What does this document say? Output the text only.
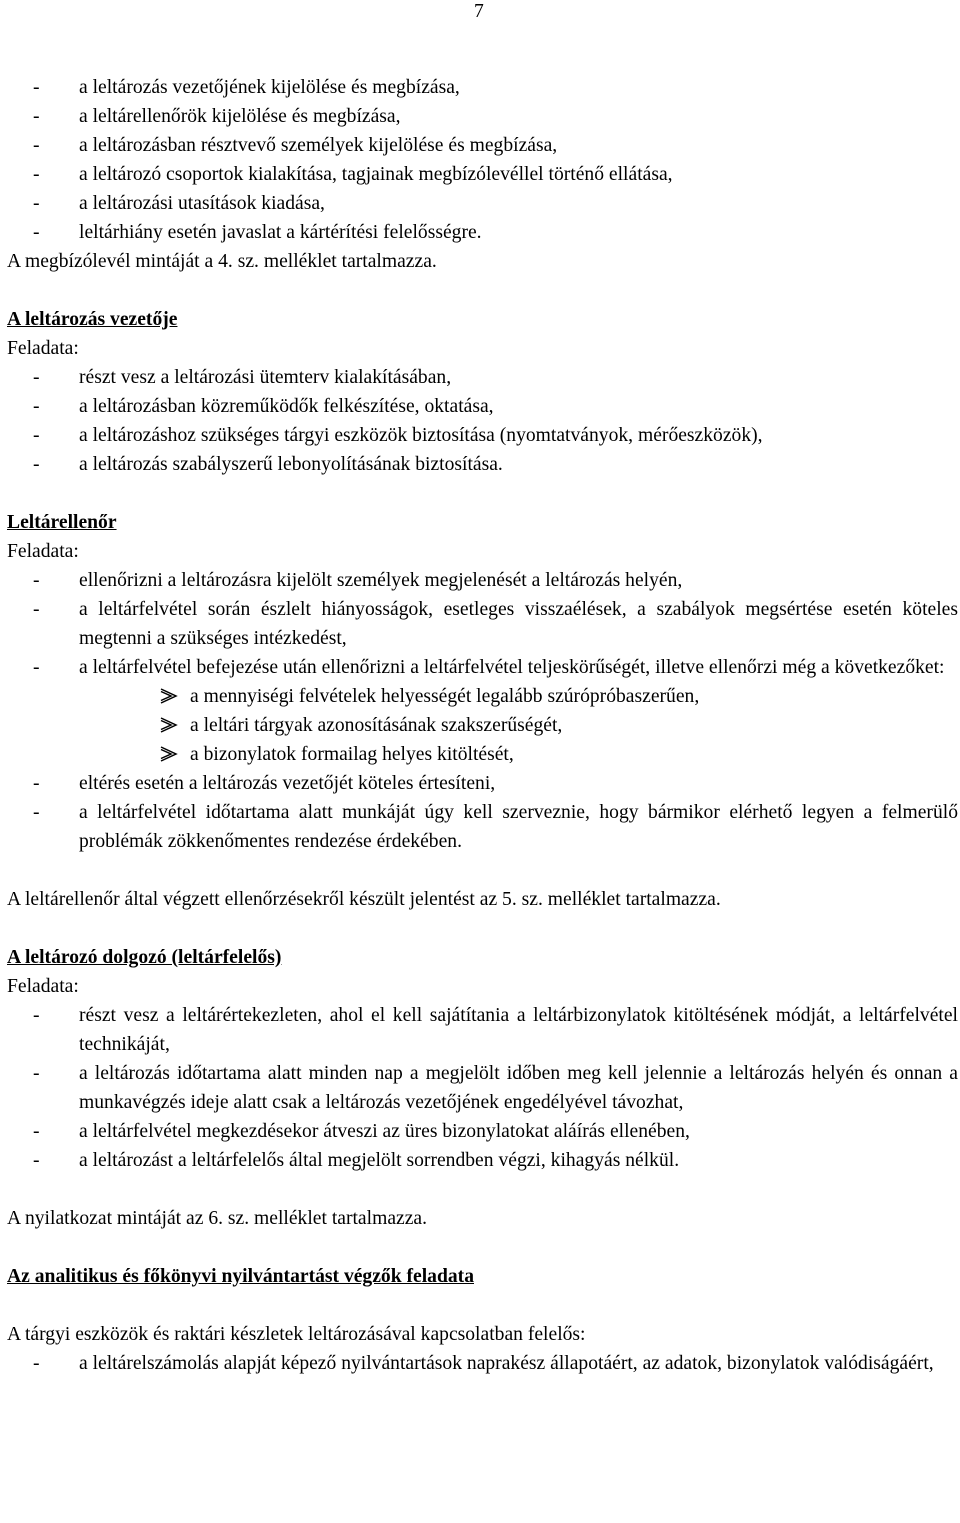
7
- a leltározás vezetőjének kijelölése és megbízása,
- a leltárellenőrök kijelölése és megbízása,
- a leltározásban résztvevő személyek kijelölése és megbízása,
- a leltározó csoportok kialakítása, tagjainak megbízólevéllel történő ellátása,
- a leltározási utasítások kiadása,
- leltárhiány esetén javaslat a kártérítési felelősségre.

A megbízólevél mintáját a 4. sz. melléklet tartalmazza.

A leltározás vezetője

Feladata:

- részt vesz a leltározási ütemterv kialakításában,
- a leltározásban közreműködők felkészítése, oktatása,
- a leltározáshoz szükséges tárgyi eszközök biztosítása (nyomtatványok, mérőeszközök),
- a leltározás szabályszerű lebonyolításának biztosítása.

Leltárellenőr

Feladata:

- ellenőrizni a leltározásra kijelölt személyek megjelenését a leltározás helyén,
- a leltárfelvétel során észlelt hiányosságok, esetleges visszaélések, a szabályok megsértése esetén köteles megtenni a szükséges intézkedést,
- a leltárfelvétel befejezése után ellenőrizni a leltárfelvétel teljeskörűségét, illetve ellenőrzi még a következőket:
a mennyiségi felvételek helyességét legalább szúrópróbaszerűen,
a leltári tárgyak azonosításának szakszerűségét,
a bizonylatok formailag helyes kitöltését,
- eltérés esetén a leltározás vezetőjét köteles értesíteni,
- a leltárfelvétel időtartama alatt munkáját úgy kell szerveznie, hogy bármikor elérhető legyen a felmerülő problémák zökkenőmentes rendezése érdekében.

A leltárellenőr által végzett ellenőrzésekről készült jelentést az 5. sz. melléklet tartalmazza.

A leltározó dolgozó (leltárfelelős)

Feladata:

- részt vesz a leltárértekezleten, ahol el kell sajátítania a leltárbizonylatok kitöltésének módját, a leltárfelvétel technikáját,
- a leltározás időtartama alatt minden nap a megjelölt időben meg kell jelennie a leltározás helyén és onnan a munkavégzés ideje alatt csak a leltározás vezetőjének engedélyével távozhat,
- a leltárfelvétel megkezdésekor átveszi az üres bizonylatokat aláírás ellenében,
- a leltározást a leltárfelelős által megjelölt sorrendben végzi, kihagyás nélkül.

A nyilatkozat mintáját az 6. sz. melléklet tartalmazza.

Az analitikus és főkönyvi nyilvántartást végzők feladata

A tárgyi eszközök és raktári készletek leltározásával kapcsolatban felelős:

- a leltárelszámolás alapját képező nyilvántartások naprakész állapotáért, az adatok, bizonylatok valódiságáért,
